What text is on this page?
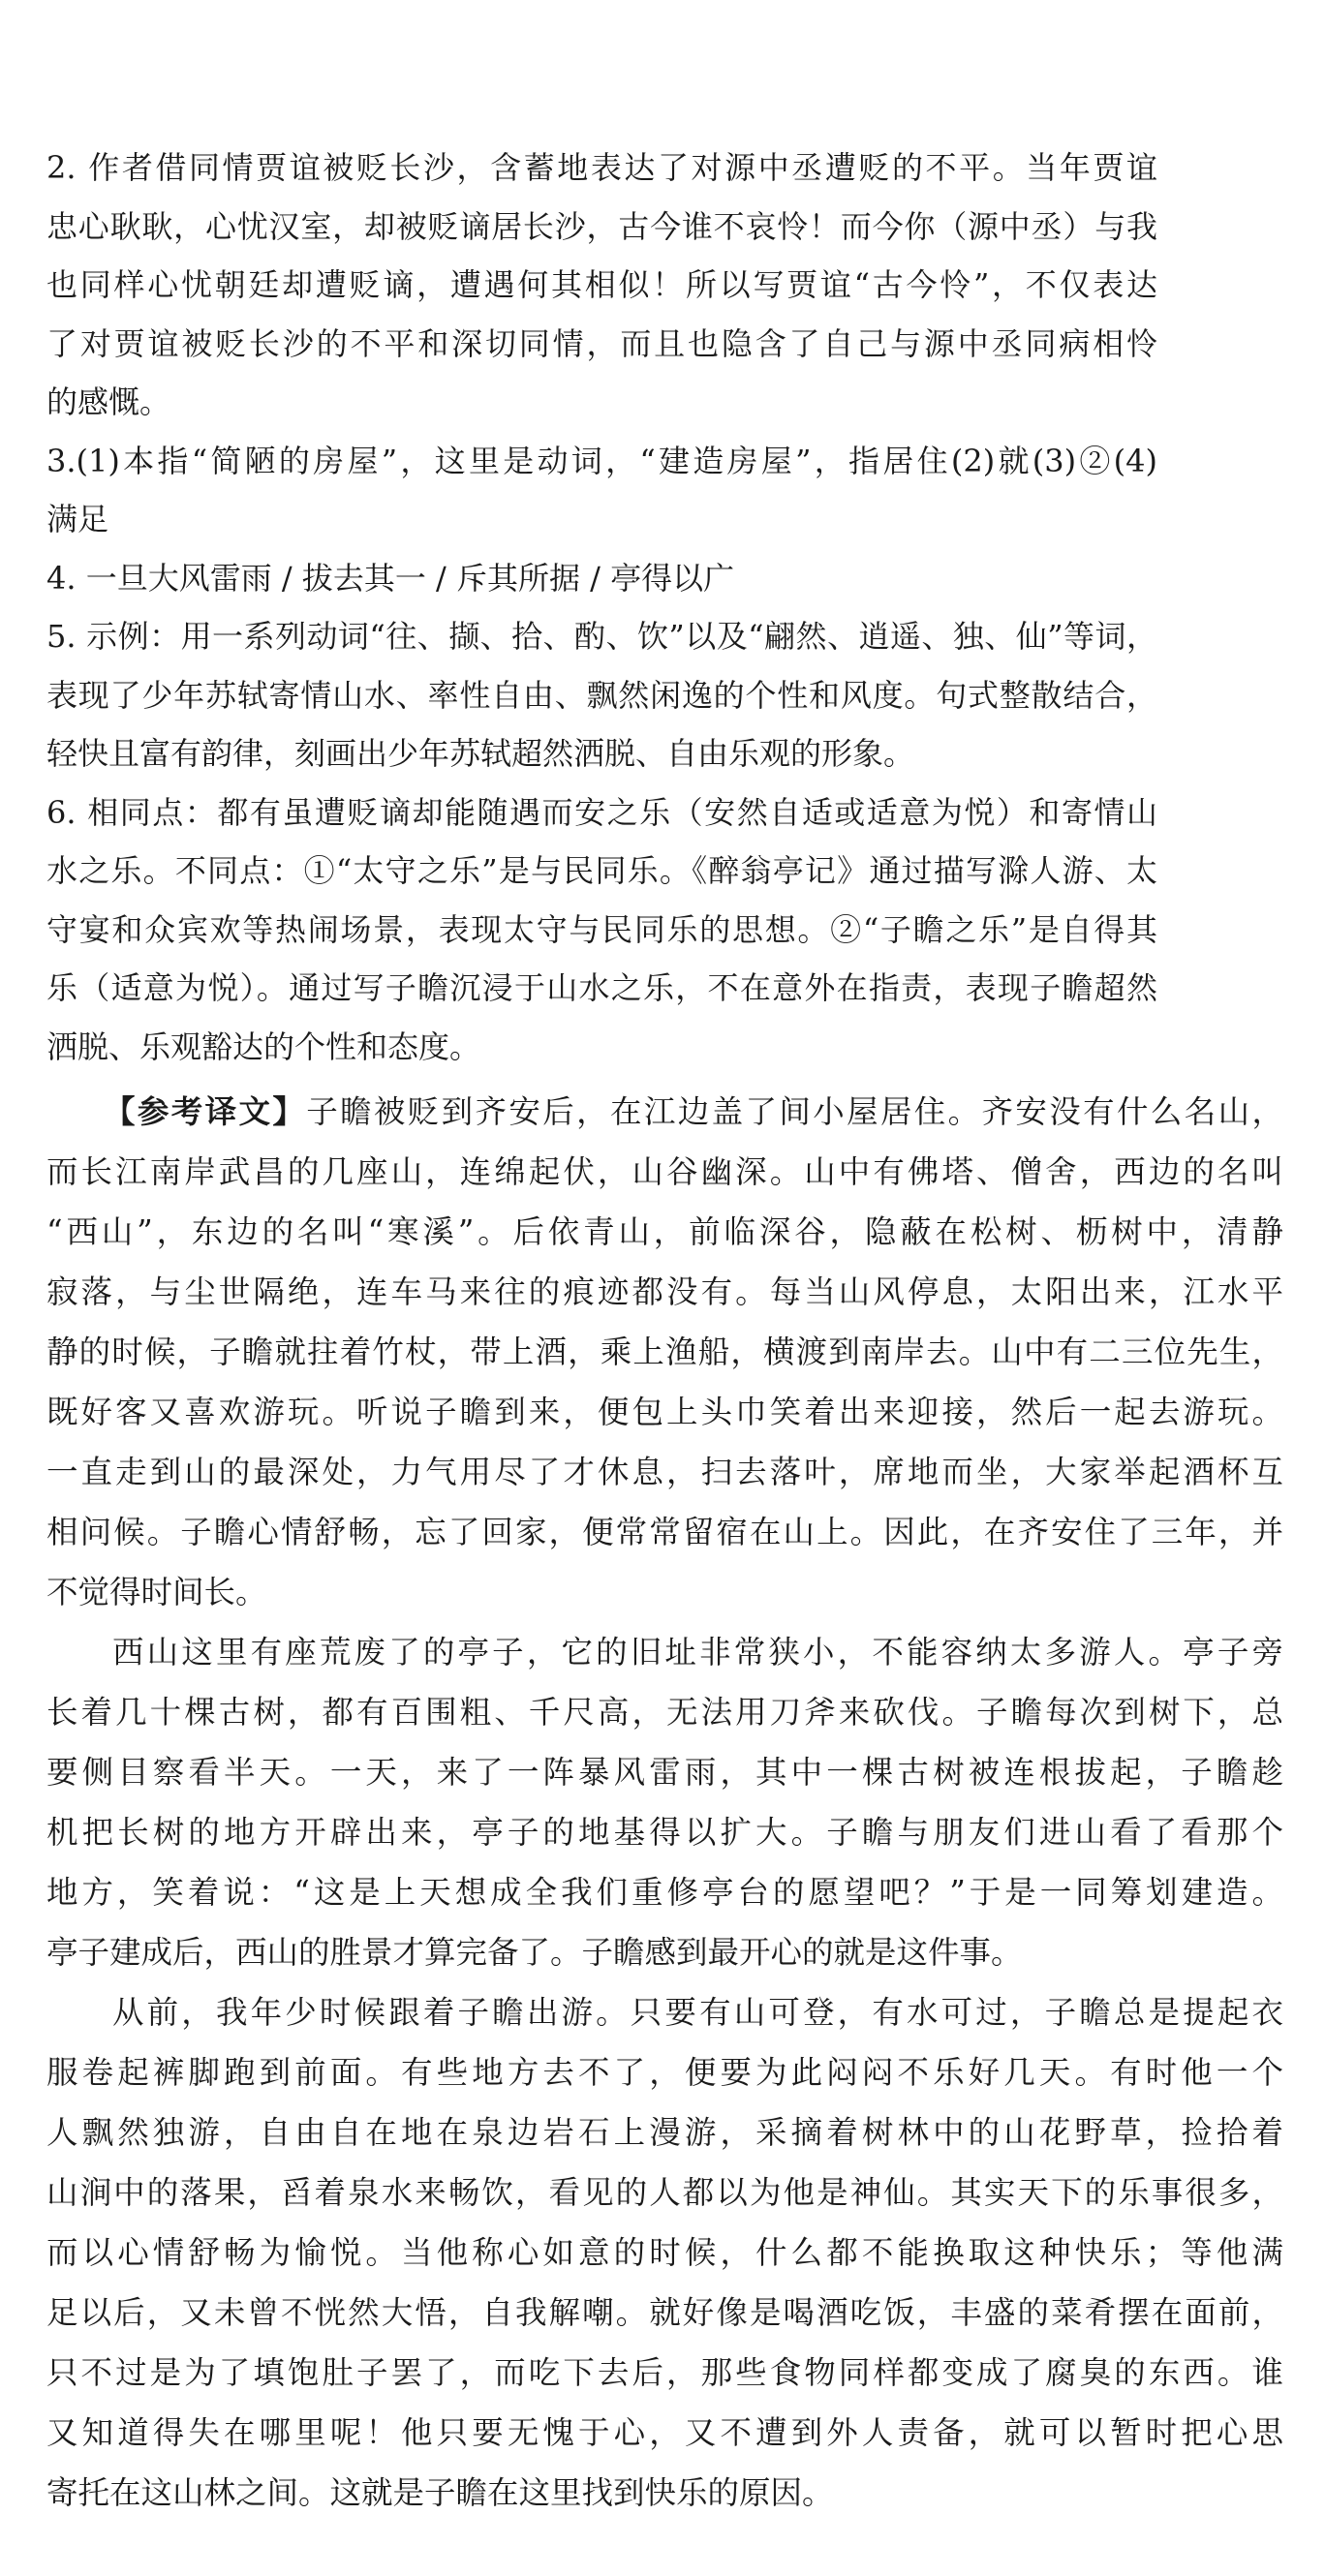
2. 作者借同情贾谊被贬长沙，含蓄地表达了对源中丞遭贬的不平。当年贾谊
忠心耿耿，心忧汉室，却被贬谪居长沙，古今谁不哀怜！而今你（源中丞）与我
也同样心忧朝廷却遭贬谪，遭遇何其相似！所以写贾谊“古今怜”，不仅表达
了对贾谊被贬长沙的不平和深切同情，而且也隐含了自己与源中丞同病相怜
的感慨。
3.(1)本指“简陋的房屋”，这里是动词，“建造房屋”，指居住(2)就(3)②(4)
满足
4. 一旦大风雷雨 / 拔去其一 / 斥其所据 / 亭得以广
5. 示例：用一系列动词“往、撷、拾、酌、饮”以及“翩然、逍遥、独、仙”等词，
表现了少年苏轼寄情山水、率性自由、飘然闲逸的个性和风度。句式整散结合，
轻快且富有韵律，刻画出少年苏轼超然洒脱、自由乐观的形象。
6. 相同点：都有虽遭贬谪却能随遇而安之乐（安然自适或适意为悦）和寄情山
水之乐。不同点：①“太守之乐”是与民同乐。《醉翁亭记》通过描写滁人游、太
守宴和众宾欢等热闹场景，表现太守与民同乐的思想。②“子瞻之乐”是自得其
乐（适意为悦）。通过写子瞻沉浸于山水之乐，不在意外在指责，表现子瞻超然
洒脱、乐观豁达的个性和态度。
【参考译文】子瞻被贬到齐安后，在江边盖了间小屋居住。齐安没有什么名山，
而长江南岸武昌的几座山，连绵起伏，山谷幽深。山中有佛塔、僧舍，西边的名叫
“西山”，东边的名叫“寒溪”。后依青山，前临深谷，隐蔽在松树、枥树中，清静
寂落，与尘世隔绝，连车马来往的痕迹都没有。每当山风停息，太阳出来，江水平
静的时候，子瞻就拄着竹杖，带上酒，乘上渔船，横渡到南岸去。山中有二三位先生，
既好客又喜欢游玩。听说子瞻到来，便包上头巾笑着出来迎接，然后一起去游玩。
一直走到山的最深处，力气用尽了才休息，扫去落叶，席地而坐，大家举起酒杯互
相问候。子瞻心情舒畅，忘了回家，便常常留宿在山上。因此，在齐安住了三年，并
不觉得时间长。
西山这里有座荒废了的亭子，它的旧址非常狭小，不能容纳太多游人。亭子旁
长着几十棵古树，都有百围粗、千尺高，无法用刀斧来砍伐。子瞻每次到树下，总
要侧目察看半天。一天，来了一阵暴风雷雨，其中一棵古树被连根拔起，子瞻趁
机把长树的地方开辟出来，亭子的地基得以扩大。子瞻与朋友们进山看了看那个
地方，笑着说：“这是上天想成全我们重修亭台的愿望吧？”于是一同筹划建造。
亭子建成后，西山的胜景才算完备了。子瞻感到最开心的就是这件事。
从前，我年少时候跟着子瞻出游。只要有山可登，有水可过，子瞻总是提起衣
服卷起裤脚跑到前面。有些地方去不了，便要为此闷闷不乐好几天。有时他一个
人飘然独游，自由自在地在泉边岩石上漫游，采摘着树林中的山花野草，捡拾着
山涧中的落果，舀着泉水来畅饮，看见的人都以为他是神仙。其实天下的乐事很多，
而以心情舒畅为愉悦。当他称心如意的时候，什么都不能换取这种快乐；等他满
足以后，又未曾不恍然大悟，自我解嘲。就好像是喝酒吃饭，丰盛的菜肴摆在面前，
只不过是为了填饱肚子罢了，而吃下去后，那些食物同样都变成了腐臭的东西。谁
又知道得失在哪里呢！他只要无愧于心，又不遭到外人责备，就可以暂时把心思
寄托在这山林之间。这就是子瞻在这里找到快乐的原因。
